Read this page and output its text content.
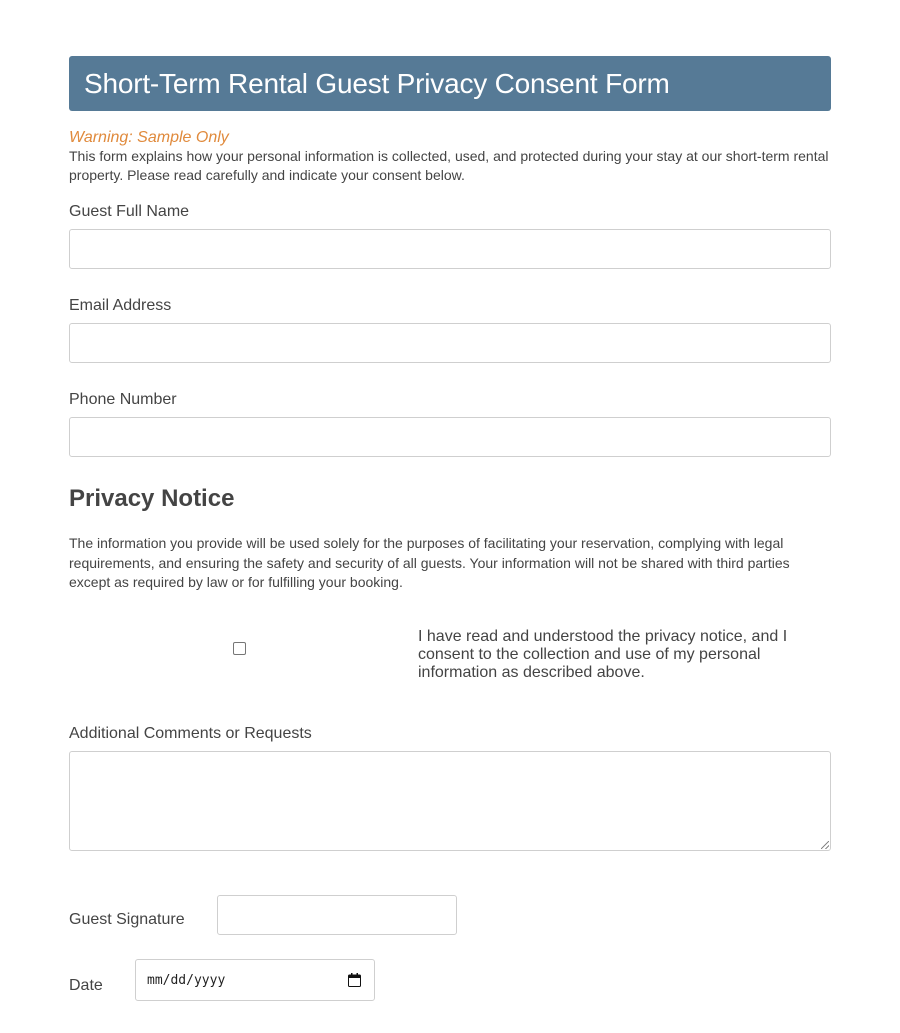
Short-Term Rental Guest Privacy Consent Form
Warning: Sample Only
This form explains how your personal information is collected, used, and protected during your stay at our short-term rental property. Please read carefully and indicate your consent below.
Guest Full Name
Email Address
Phone Number
Privacy Notice
The information you provide will be used solely for the purposes of facilitating your reservation, complying with legal requirements, and ensuring the safety and security of all guests. Your information will not be shared with third parties except as required by law or for fulfilling your booking.
I have read and understood the privacy notice, and I consent to the collection and use of my personal information as described above.
Additional Comments or Requests
Guest Signature
Date	mm/dd/yyyy
